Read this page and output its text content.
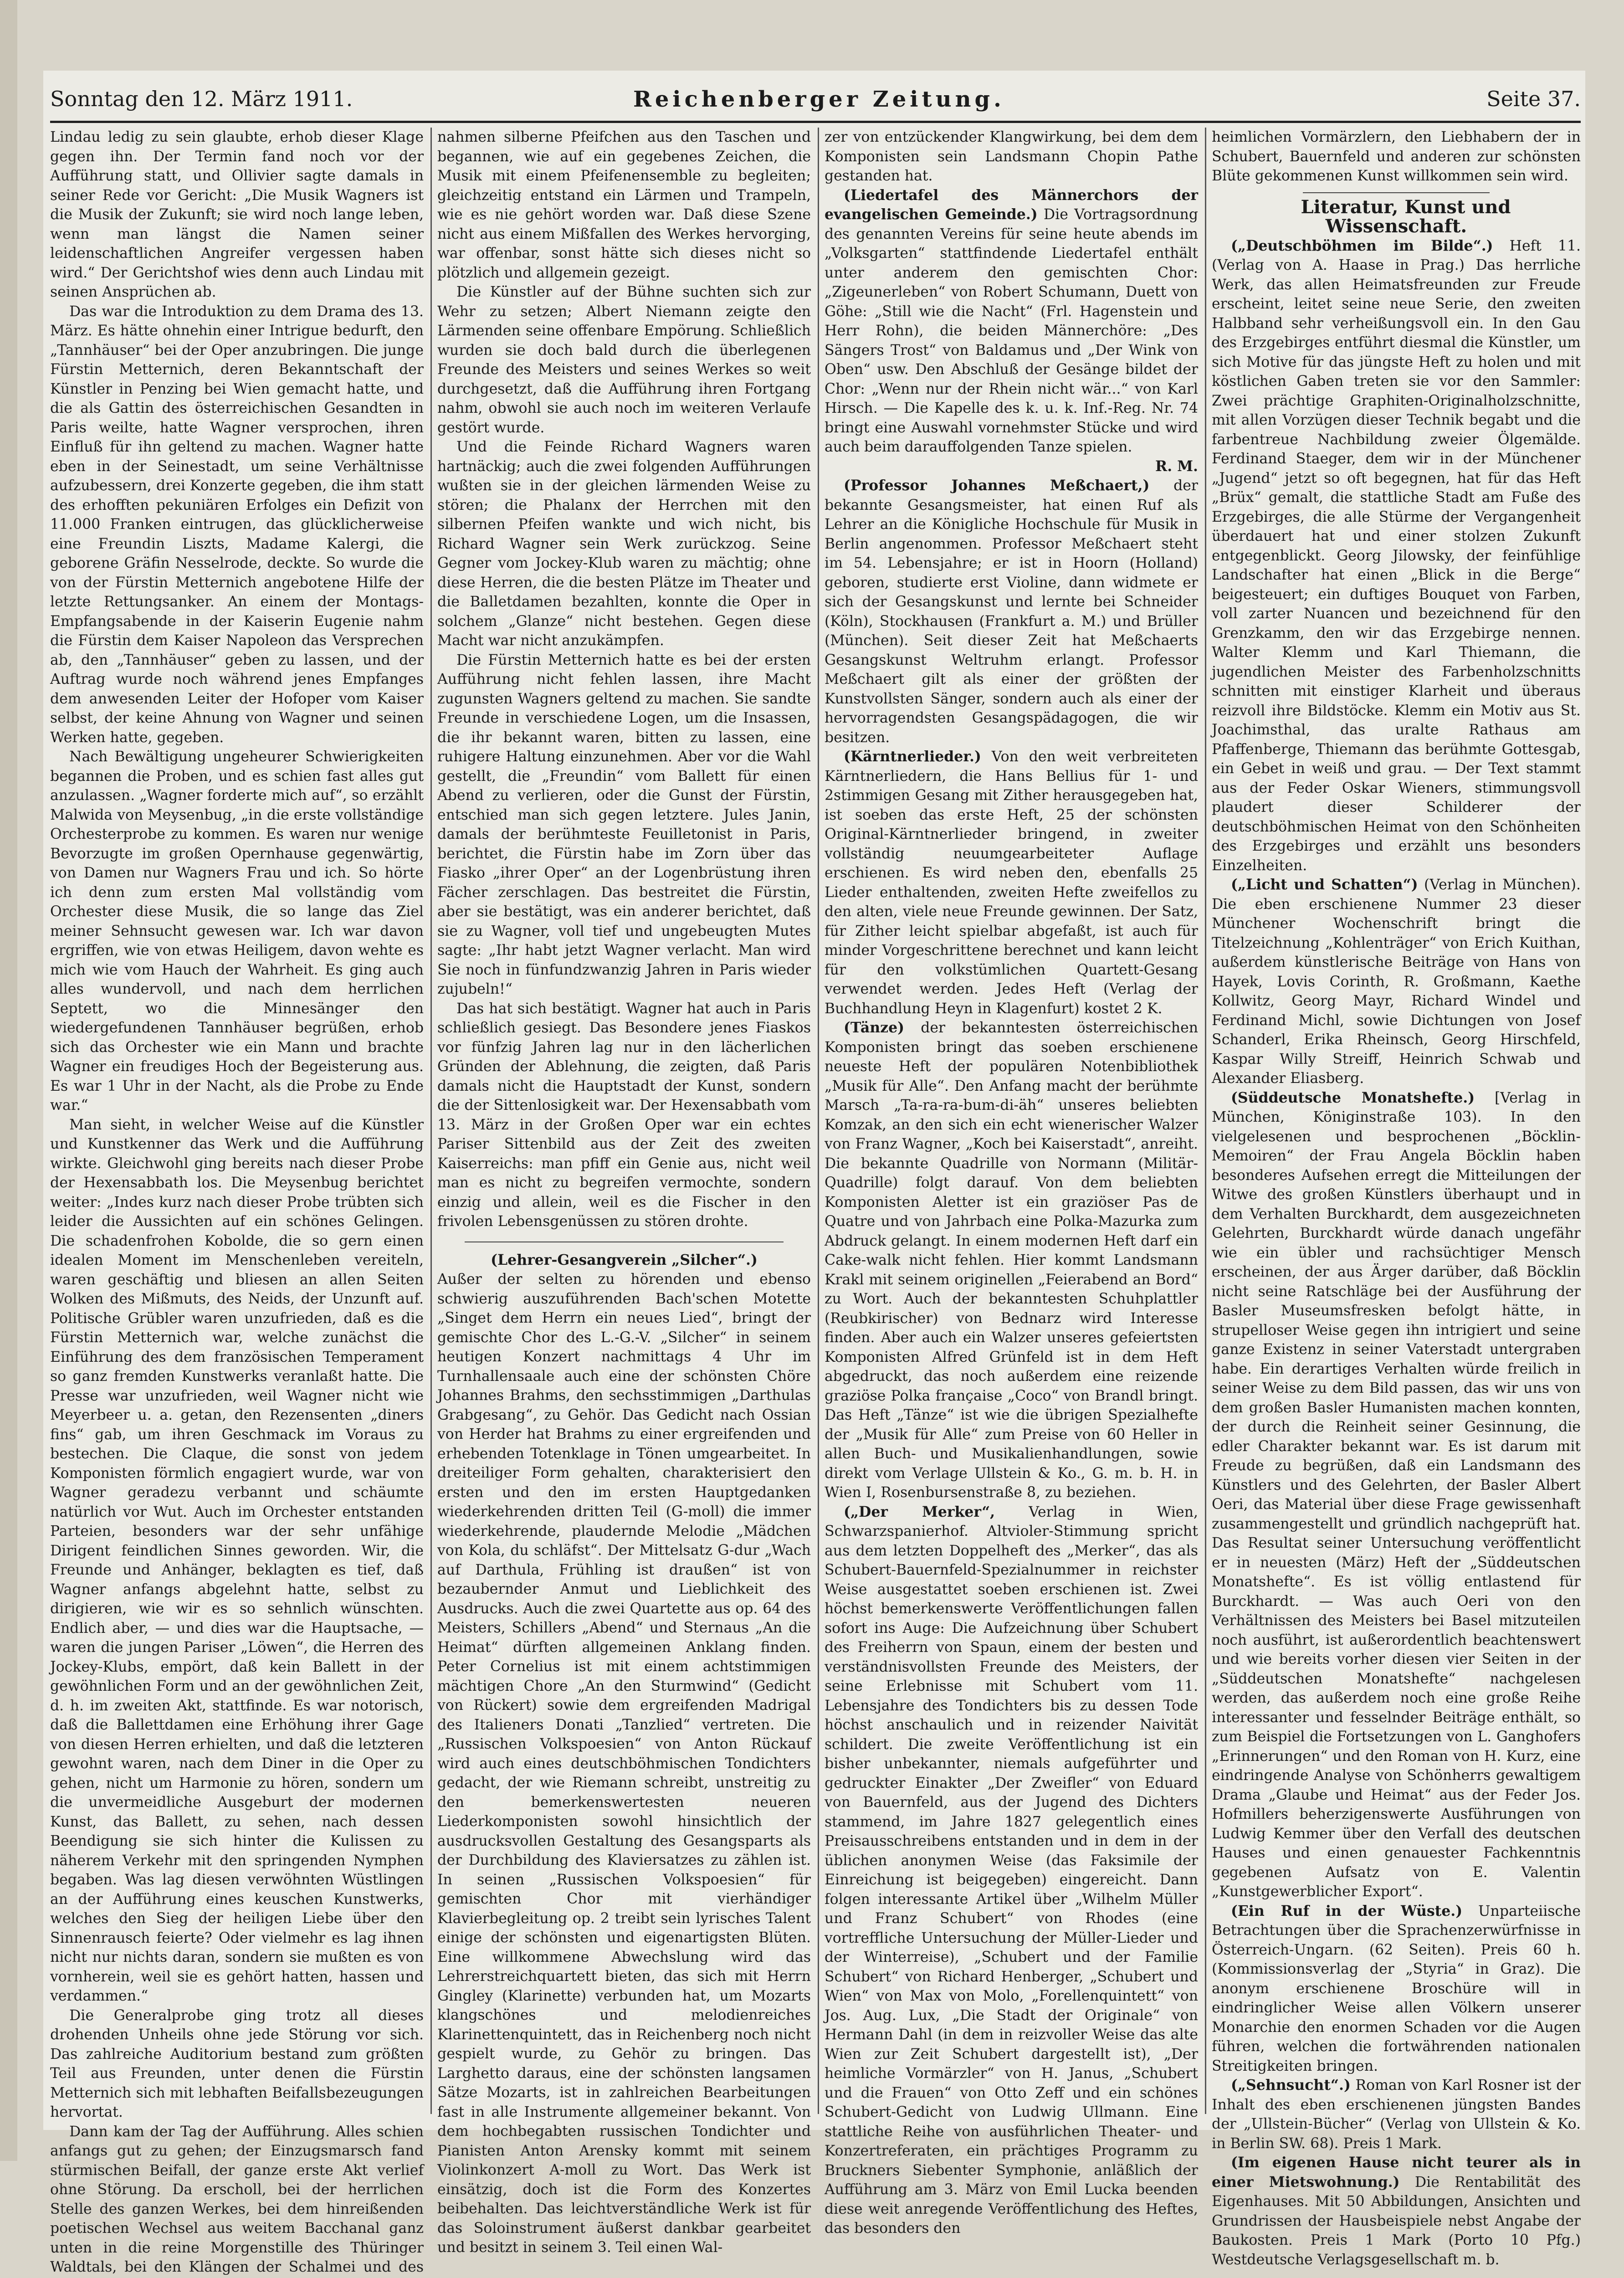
Sonntag den 12. März 1911.	Reichenberger Zeitung.	Seite 37.

Lindau ledig zu sein glaubte, erhob dieser Klage gegen ihn. Der Termin fand noch vor der Aufführung statt, und Ollivier sagte damals in seiner Rede vor Gericht: „Die Musik Wagners ist die Musik der Zukunft; sie wird noch lange leben, wenn man längst die Namen seiner leidenschaftlichen Angreifer vergessen haben wird.“ Der Gerichtshof wies denn auch Lindau mit seinen Ansprüchen ab.

Das war die Introduktion zu dem Drama des 13. März. Es hätte ohnehin einer Intrigue bedurft, den „Tannhäuser“ bei der Oper anzubringen. Die junge Fürstin Metternich, deren Bekanntschaft der Künstler in Penzing bei Wien gemacht hatte, und die als Gattin des österreichischen Gesandten in Paris weilte, hatte Wagner versprochen, ihren Einfluß für ihn geltend zu machen. Wagner hatte eben in der Seinestadt, um seine Verhältnisse aufzubessern, drei Konzerte gegeben, die ihm statt des erhofften pekuniären Erfolges ein Defizit von 11.000 Franken eintrugen, das glücklicherweise eine Freundin Liszts, Madame Kalergi, die geborene Gräfin Nesselrode, deckte. So wurde die von der Fürstin Metternich angebotene Hilfe der letzte Rettungsanker. An einem der Montags-Empfangsabende in der Kaiserin Eugenie nahm die Fürstin dem Kaiser Napoleon das Versprechen ab, den „Tannhäuser“ geben zu lassen, und der Auftrag wurde noch während jenes Empfanges dem anwesenden Leiter der Hofoper vom Kaiser selbst, der keine Ahnung von Wagner und seinen Werken hatte, gegeben.

Nach Bewältigung ungeheurer Schwierigkeiten begannen die Proben, und es schien fast alles gut anzulassen. „Wagner forderte mich auf“, so erzählt Malwida von Meysenbug, „in die erste vollständige Orchesterprobe zu kommen. Es waren nur wenige Bevorzugte im großen Opernhause gegenwärtig, von Damen nur Wagners Frau und ich. So hörte ich denn zum ersten Mal vollständig vom Orchester diese Musik, die so lange das Ziel meiner Sehnsucht gewesen war. Ich war davon ergriffen, wie von etwas Heiligem, davon wehte es mich wie vom Hauch der Wahrheit. Es ging auch alles wundervoll, und nach dem herrlichen Septett, wo die Minnesänger den wiedergefundenen Tannhäuser begrüßen, erhob sich das Orchester wie ein Mann und brachte Wagner ein freudiges Hoch der Begeisterung aus. Es war 1 Uhr in der Nacht, als die Probe zu Ende war.“

Man sieht, in welcher Weise auf die Künstler und Kunstkenner das Werk und die Aufführung wirkte. Gleichwohl ging bereits nach dieser Probe der Hexensabbath los. Die Meysenbug berichtet weiter: „Indes kurz nach dieser Probe trübten sich leider die Aussichten auf ein schönes Gelingen. Die schadenfrohen Kobolde, die so gern einen idealen Moment im Menschenleben vereiteln, waren geschäftig und bliesen an allen Seiten Wolken des Mißmuts, des Neids, der Unzunft auf. Politische Grübler waren unzufrieden, daß es die Fürstin Metternich war, welche zunächst die Einführung des dem französischen Temperament so ganz fremden Kunstwerks veranlaßt hatte. Die Presse war unzufrieden, weil Wagner nicht wie Meyerbeer u. a. getan, den Rezensenten „diners fins“ gab, um ihren Geschmack im Voraus zu bestechen. Die Claque, die sonst von jedem Komponisten förmlich engagiert wurde, war von Wagner geradezu verbannt und schäumte natürlich vor Wut. Auch im Orchester entstanden Parteien, besonders war der sehr unfähige Dirigent feindlichen Sinnes geworden. Wir, die Freunde und Anhänger, beklagten es tief, daß Wagner anfangs abgelehnt hatte, selbst zu dirigieren, wie wir es so sehnlich wünschten. Endlich aber, — und dies war die Hauptsache, — waren die jungen Pariser „Löwen“, die Herren des Jockey-Klubs, empört, daß kein Ballett in der gewöhnlichen Form und an der gewöhnlichen Zeit, d. h. im zweiten Akt, stattfinde. Es war notorisch, daß die Ballettdamen eine Erhöhung ihrer Gage von diesen Herren erhielten, und daß die letzteren gewohnt waren, nach dem Diner in die Oper zu gehen, nicht um Harmonie zu hören, sondern um die unvermeidliche Ausgeburt der modernen Kunst, das Ballett, zu sehen, nach dessen Beendigung sie sich hinter die Kulissen zu näherem Verkehr mit den springenden Nymphen begaben. Was lag diesen verwöhnten Wüstlingen an der Aufführung eines keuschen Kunstwerks, welches den Sieg der heiligen Liebe über den Sinnenrausch feierte? Oder vielmehr es lag ihnen nicht nur nichts daran, sondern sie mußten es von vornherein, weil sie es gehört hatten, hassen und verdammen.“

Die Generalprobe ging trotz all dieses drohenden Unheils ohne jede Störung vor sich. Das zahlreiche Auditorium bestand zum größten Teil aus Freunden, unter denen die Fürstin Metternich sich mit lebhaften Beifallsbezeugungen hervortat.

Dann kam der Tag der Aufführung. Alles schien anfangs gut zu gehen; der Einzugsmarsch fand stürmischen Beifall, der ganze erste Akt verlief ohne Störung. Da erscholl, bei der herrlichen Stelle des ganzen Werkes, bei dem hinreißenden poetischen Wechsel aus weitem Bacchanal ganz unten in die reine Morgenstille des Thüringer Waldtals, bei den Klängen der Schalmei und des

nahmen silberne Pfeifchen aus den Taschen und begannen, wie auf ein gegebenes Zeichen, die Musik mit einem Pfeifenensemble zu begleiten; gleichzeitig entstand ein Lärmen und Trampeln, wie es nie gehört worden war. Daß diese Szene nicht aus einem Mißfallen des Werkes hervorging, war offenbar, sonst hätte sich dieses nicht so plötzlich und allgemein gezeigt.

Die Künstler auf der Bühne suchten sich zur Wehr zu setzen; Albert Niemann zeigte den Lärmenden seine offenbare Empörung. Schließlich wurden sie doch bald durch die überlegenen Freunde des Meisters und seines Werkes so weit durchgesetzt, daß die Aufführung ihren Fortgang nahm, obwohl sie auch noch im weiteren Verlaufe gestört wurde.

Und die Feinde Richard Wagners waren hartnäckig; auch die zwei folgenden Aufführungen wußten sie in der gleichen lärmenden Weise zu stören; die Phalanx der Herrchen mit den silbernen Pfeifen wankte und wich nicht, bis Richard Wagner sein Werk zurückzog. Seine Gegner vom Jockey-Klub waren zu mächtig; ohne diese Herren, die die besten Plätze im Theater und die Balletdamen bezahlten, konnte die Oper in solchem „Glanze“ nicht bestehen. Gegen diese Macht war nicht anzukämpfen.

Die Fürstin Metternich hatte es bei der ersten Aufführung nicht fehlen lassen, ihre Macht zugunsten Wagners geltend zu machen. Sie sandte Freunde in verschiedene Logen, um die Insassen, die ihr bekannt waren, bitten zu lassen, eine ruhigere Haltung einzunehmen. Aber vor die Wahl gestellt, die „Freundin“ vom Ballett für einen Abend zu verlieren, oder die Gunst der Fürstin, entschied man sich gegen letztere. Jules Janin, damals der berühmteste Feuilletonist in Paris, berichtet, die Fürstin habe im Zorn über das Fiasko „ihrer Oper“ an der Logenbrüstung ihren Fächer zerschlagen. Das bestreitet die Fürstin, aber sie bestätigt, was ein anderer berichtet, daß sie zu Wagner, voll tief und ungebeugten Mutes sagte: „Ihr habt jetzt Wagner verlacht. Man wird Sie noch in fünfundzwanzig Jahren in Paris wieder zujubeln!“

Das hat sich bestätigt. Wagner hat auch in Paris schließlich gesiegt. Das Besondere jenes Fiaskos vor fünfzig Jahren lag nur in den lächerlichen Gründen der Ablehnung, die zeigten, daß Paris damals nicht die Hauptstadt der Kunst, sondern die der Sittenlosigkeit war. Der Hexensabbath vom 13. März in der Großen Oper war ein echtes Pariser Sittenbild aus der Zeit des zweiten Kaiserreichs: man pfiff ein Genie aus, nicht weil man es nicht zu begreifen vermochte, sondern einzig und allein, weil es die Fischer in den frivolen Lebensgenüssen zu stören drohte.

(Lehrer-Gesangverein „Silcher“.)

Außer der selten zu hörenden und ebenso schwierig auszuführenden Bach'schen Motette „Singet dem Herrn ein neues Lied“, bringt der gemischte Chor des L.-G.-V. „Silcher“ in seinem heutigen Konzert nachmittags 4 Uhr im Turnhallensaale auch eine der schönsten Chöre Johannes Brahms, den sechsstimmigen „Darthulas Grabgesang“, zu Gehör. Das Gedicht nach Ossian von Herder hat Brahms zu einer ergreifenden und erhebenden Totenklage in Tönen umgearbeitet. In dreiteiliger Form gehalten, charakterisiert den ersten und den im ersten Hauptgedanken wiederkehrenden dritten Teil (G-moll) die immer wiederkehrende, plaudernde Melodie „Mädchen von Kola, du schläfst“. Der Mittelsatz G-dur „Wach auf Darthula, Frühling ist draußen“ ist von bezaubernder Anmut und Lieblichkeit des Ausdrucks. Auch die zwei Quartette aus op. 64 des Meisters, Schillers „Abend“ und Sternaus „An die Heimat“ dürften allgemeinen Anklang finden. Peter Cornelius ist mit einem achtstimmigen mächtigen Chore „An den Sturmwind“ (Gedicht von Rückert) sowie dem ergreifenden Madrigal des Italieners Donati „Tanzlied“ vertreten. Die „Russischen Volkspoesien“ von Anton Rückauf wird auch eines deutschböhmischen Tondichters gedacht, der wie Riemann schreibt, unstreitig zu den bemerkenswertesten neueren Liederkomponisten sowohl hinsichtlich der ausdrucksvollen Gestaltung des Gesangsparts als der Durchbildung des Klaviersatzes zu zählen ist. In seinen „Russischen Volkspoesien“ für gemischten Chor mit vierhändiger Klavierbegleitung op. 2 treibt sein lyrisches Talent einige der schönsten und eigenartigsten Blüten. Eine willkommene Abwechslung wird das Lehrerstreichquartett bieten, das sich mit Herrn Gingley (Klarinette) verbunden hat, um Mozarts klangschönes und melodienreiches Klarinettenquintett, das in Reichenberg noch nicht gespielt wurde, zu Gehör zu bringen. Das Larghetto daraus, eine der schönsten langsamen Sätze Mozarts, ist in zahlreichen Bearbeitungen fast in alle Instrumente allgemeiner bekannt. Von dem hochbegabten russischen Tondichter und Pianisten Anton Arensky kommt mit seinem Violinkonzert A-moll zu Wort. Das Werk ist einsätzig, doch ist die Form des Konzertes beibehalten. Das leichtverständliche Werk ist für das Soloinstrument äußerst dankbar gearbeitet und besitzt in seinem 3. Teil einen Wal-

zer von entzückender Klangwirkung, bei dem dem Komponisten sein Landsmann Chopin Pathe gestanden hat.

(Liedertafel des Männerchors der evangelischen Gemeinde.) Die Vortragsordnung des genannten Vereins für seine heute abends im „Volksgarten“ stattfindende Liedertafel enthält unter anderem den gemischten Chor: „Zigeunerleben“ von Robert Schumann, Duett von Göhe: „Still wie die Nacht“ (Frl. Hagenstein und Herr Rohn), die beiden Männerchöre: „Des Sängers Trost“ von Baldamus und „Der Wink von Oben“ usw. Den Abschluß der Gesänge bildet der Chor: „Wenn nur der Rhein nicht wär...“ von Karl Hirsch. — Die Kapelle des k. u. k. Inf.-Reg. Nr. 74 bringt eine Auswahl vornehmster Stücke und wird auch beim darauffolgenden Tanze spielen.

R. M.

(Professor Johannes Meßchaert,) der bekannte Gesangsmeister, hat einen Ruf als Lehrer an die Königliche Hochschule für Musik in Berlin angenommen. Professor Meßchaert steht im 54. Lebensjahre; er ist in Hoorn (Holland) geboren, studierte erst Violine, dann widmete er sich der Gesangskunst und lernte bei Schneider (Köln), Stockhausen (Frankfurt a. M.) und Brüller (München). Seit dieser Zeit hat Meßchaerts Gesangskunst Weltruhm erlangt. Professor Meßchaert gilt als einer der größten der Kunstvollsten Sänger, sondern auch als einer der hervorragendsten Gesangspädagogen, die wir besitzen.

(Kärntnerlieder.) Von den weit verbreiteten Kärntnerliedern, die Hans Bellius für 1- und 2stimmigen Gesang mit Zither herausgegeben hat, ist soeben das erste Heft, 25 der schönsten Original-Kärntnerlieder bringend, in zweiter vollständig neuumgearbeiteter Auflage erschienen. Es wird neben den, ebenfalls 25 Lieder enthaltenden, zweiten Hefte zweifellos zu den alten, viele neue Freunde gewinnen. Der Satz, für Zither leicht spielbar abgefaßt, ist auch für minder Vorgeschrittene berechnet und kann leicht für den volkstümlichen Quartett-Gesang verwendet werden. Jedes Heft (Verlag der Buchhandlung Heyn in Klagenfurt) kostet 2 K.

(Tänze) der bekanntesten österreichischen Komponisten bringt das soeben erschienene neueste Heft der populären Notenbibliothek „Musik für Alle“. Den Anfang macht der berühmte Marsch „Ta-ra-ra-bum-di-äh“ unseres beliebten Komzak, an den sich ein echt wienerischer Walzer von Franz Wagner, „Koch bei Kaiserstadt“, anreiht. Die bekannte Quadrille von Normann (Militär-Quadrille) folgt darauf. Von dem beliebten Komponisten Aletter ist ein graziöser Pas de Quatre und von Jahrbach eine Polka-Mazurka zum Abdruck gelangt. In einem modernen Heft darf ein Cake-walk nicht fehlen. Hier kommt Landsmann Krakl mit seinem originellen „Feierabend an Bord“ zu Wort. Auch der bekanntesten Schuhplattler (Reubkirischer) von Bednarz wird Interesse finden. Aber auch ein Walzer unseres gefeiertsten Komponisten Alfred Grünfeld ist in dem Heft abgedruckt, das noch außerdem eine reizende graziöse Polka française „Coco“ von Brandl bringt. Das Heft „Tänze“ ist wie die übrigen Spezialhefte der „Musik für Alle“ zum Preise von 60 Heller in allen Buch- und Musikalienhandlungen, sowie direkt vom Verlage Ullstein & Ko., G. m. b. H. in Wien I, Rosenbursenstraße 8, zu beziehen.

(„Der Merker“, Verlag in Wien, Schwarzspanierhof. Altvioler-Stimmung spricht aus dem letzten Doppelheft des „Merker“, das als Schubert-Bauernfeld-Spezialnummer in reichster Weise ausgestattet soeben erschienen ist. Zwei höchst bemerkenswerte Veröffentlichungen fallen sofort ins Auge: Die Aufzeichnung über Schubert des Freiherrn von Spaun, einem der besten und verständnisvollsten Freunde des Meisters, der seine Erlebnisse mit Schubert vom 11. Lebensjahre des Tondichters bis zu dessen Tode höchst anschaulich und in reizender Naivität schildert. Die zweite Veröffentlichung ist ein bisher unbekannter, niemals aufgeführter und gedruckter Einakter „Der Zweifler“ von Eduard von Bauernfeld, aus der Jugend des Dichters stammend, im Jahre 1827 gelegentlich eines Preisausschreibens entstanden und in dem in der üblichen anonymen Weise (das Faksimile der Einreichung ist beigegeben) eingereicht. Dann folgen interessante Artikel über „Wilhelm Müller und Franz Schubert“ von Rhodes (eine vortreffliche Untersuchung der Müller-Lieder und der Winterreise), „Schubert und der Familie Schubert“ von Richard Henberger, „Schubert und Wien“ von Max von Molo, „Forellenquintett“ von Jos. Aug. Lux, „Die Stadt der Originale“ von Hermann Dahl (in dem in reizvoller Weise das alte Wien zur Zeit Schubert dargestellt ist), „Der heimliche Vormärzler“ von H. Janus, „Schubert und die Frauen“ von Otto Zeff und ein schönes Schubert-Gedicht von Ludwig Ullmann. Eine stattliche Reihe von ausführlichen Theater- und Konzertreferaten, ein prächtiges Programm zu Bruckners Siebenter Symphonie, anläßlich der Aufführung am 3. März von Emil Lucka beenden diese weit anregende Veröffentlichung des Heftes, das besonders den

heimlichen Vormärzlern, den Liebhabern der in Schubert, Bauernfeld und anderen zur schönsten Blüte gekommenen Kunst willkommen sein wird.

Literatur, Kunst und Wissenschaft.

(„Deutschböhmen im Bilde“.) Heft 11. (Verlag von A. Haase in Prag.) Das herrliche Werk, das allen Heimatsfreunden zur Freude erscheint, leitet seine neue Serie, den zweiten Halbband sehr verheißungsvoll ein. In den Gau des Erzgebirges entführt diesmal die Künstler, um sich Motive für das jüngste Heft zu holen und mit köstlichen Gaben treten sie vor den Sammler: Zwei prächtige Graphiten-Originalholzschnitte, mit allen Vorzügen dieser Technik begabt und die farbentreue Nachbildung zweier Ölgemälde. Ferdinand Staeger, dem wir in der Münchener „Jugend“ jetzt so oft begegnen, hat für das Heft „Brüx“ gemalt, die stattliche Stadt am Fuße des Erzgebirges, die alle Stürme der Vergangenheit überdauert hat und einer stolzen Zukunft entgegenblickt. Georg Jilowsky, der feinfühlige Landschafter hat einen „Blick in die Berge“ beigesteuert; ein duftiges Bouquet von Farben, voll zarter Nuancen und bezeichnend für den Grenzkamm, den wir das Erzgebirge nennen. Walter Klemm und Karl Thiemann, die jugendlichen Meister des Farbenholzschnitts schnitten mit einstiger Klarheit und überaus reizvoll ihre Bildstöcke. Klemm ein Motiv aus St. Joachimsthal, das uralte Rathaus am Pfaffenberge, Thiemann das berühmte Gottesgab, ein Gebet in weiß und grau. — Der Text stammt aus der Feder Oskar Wieners, stimmungsvoll plaudert dieser Schilderer der deutschböhmischen Heimat von den Schönheiten des Erzgebirges und erzählt uns besonders Einzelheiten.

(„Licht und Schatten“) (Verlag in München). Die eben erschienene Nummer 23 dieser Münchener Wochenschrift bringt die Titelzeichnung „Kohlenträger“ von Erich Kuithan, außerdem künstlerische Beiträge von Hans von Hayek, Lovis Corinth, R. Großmann, Kaethe Kollwitz, Georg Mayr, Richard Windel und Ferdinand Michl, sowie Dichtungen von Josef Schanderl, Erika Rheinsch, Georg Hirschfeld, Kaspar Willy Streiff, Heinrich Schwab und Alexander Eliasberg.

(Süddeutsche Monatshefte.) [Verlag in München, Königinstraße 103). In den vielgelesenen und besprochenen „Böcklin-Memoiren“ der Frau Angela Böcklin haben besonderes Aufsehen erregt die Mitteilungen der Witwe des großen Künstlers überhaupt und in dem Verhalten Burckhardt, dem ausgezeichneten Gelehrten, Burckhardt würde danach ungefähr wie ein übler und rachsüchtiger Mensch erscheinen, der aus Ärger darüber, daß Böcklin nicht seine Ratschläge bei der Ausführung der Basler Museumsfresken befolgt hätte, in strupelloser Weise gegen ihn intrigiert und seine ganze Existenz in seiner Vaterstadt untergraben habe. Ein derartiges Verhalten würde freilich in seiner Weise zu dem Bild passen, das wir uns von dem großen Basler Humanisten machen konnten, der durch die Reinheit seiner Gesinnung, die edler Charakter bekannt war. Es ist darum mit Freude zu begrüßen, daß ein Landsmann des Künstlers und des Gelehrten, der Basler Albert Oeri, das Material über diese Frage gewissenhaft zusammengestellt und gründlich nachgeprüft hat. Das Resultat seiner Untersuchung veröffentlicht er in neuesten (März) Heft der „Süddeutschen Monatshefte“. Es ist völlig entlastend für Burckhardt. — Was auch Oeri von den Verhältnissen des Meisters bei Basel mitzuteilen noch ausführt, ist außerordentlich beachtenswert und wie bereits vorher diesen vier Seiten in der „Süddeutschen Monatshefte“ nachgelesen werden, das außerdem noch eine große Reihe interessanter und fesselnder Beiträge enthält, so zum Beispiel die Fortsetzungen von L. Ganghofers „Erinnerungen“ und den Roman von H. Kurz, eine eindringende Analyse von Schönherrs gewaltigem Drama „Glaube und Heimat“ aus der Feder Jos. Hofmillers beherzigenswerte Ausführungen von Ludwig Kemmer über den Verfall des deutschen Hauses und einen genauester Fachkenntnis gegebenen Aufsatz von E. Valentin „Kunstgewerblicher Export“.

(Ein Ruf in der Wüste.) Unparteiische Betrachtungen über die Sprachenzerwürfnisse in Österreich-Ungarn. (62 Seiten). Preis 60 h. (Kommissionsverlag der „Styria“ in Graz). Die anonym erschienene Broschüre will in eindringlicher Weise allen Völkern unserer Monarchie den enormen Schaden vor die Augen führen, welchen die fortwährenden nationalen Streitigkeiten bringen.

(„Sehnsucht“.) Roman von Karl Rosner ist der Inhalt des eben erschienenen jüngsten Bandes der „Ullstein-Bücher“ (Verlag von Ullstein & Ko. in Berlin SW. 68). Preis 1 Mark.

(Im eigenen Hause nicht teurer als in einer Mietswohnung.) Die Rentabilität des Eigenhauses. Mit 50 Abbildungen, Ansichten und Grundrissen der Hausbeispiele nebst Angabe der Baukosten. Preis 1 Mark (Porto 10 Pfg.) Westdeutsche Verlagsgesellschaft m. b.
